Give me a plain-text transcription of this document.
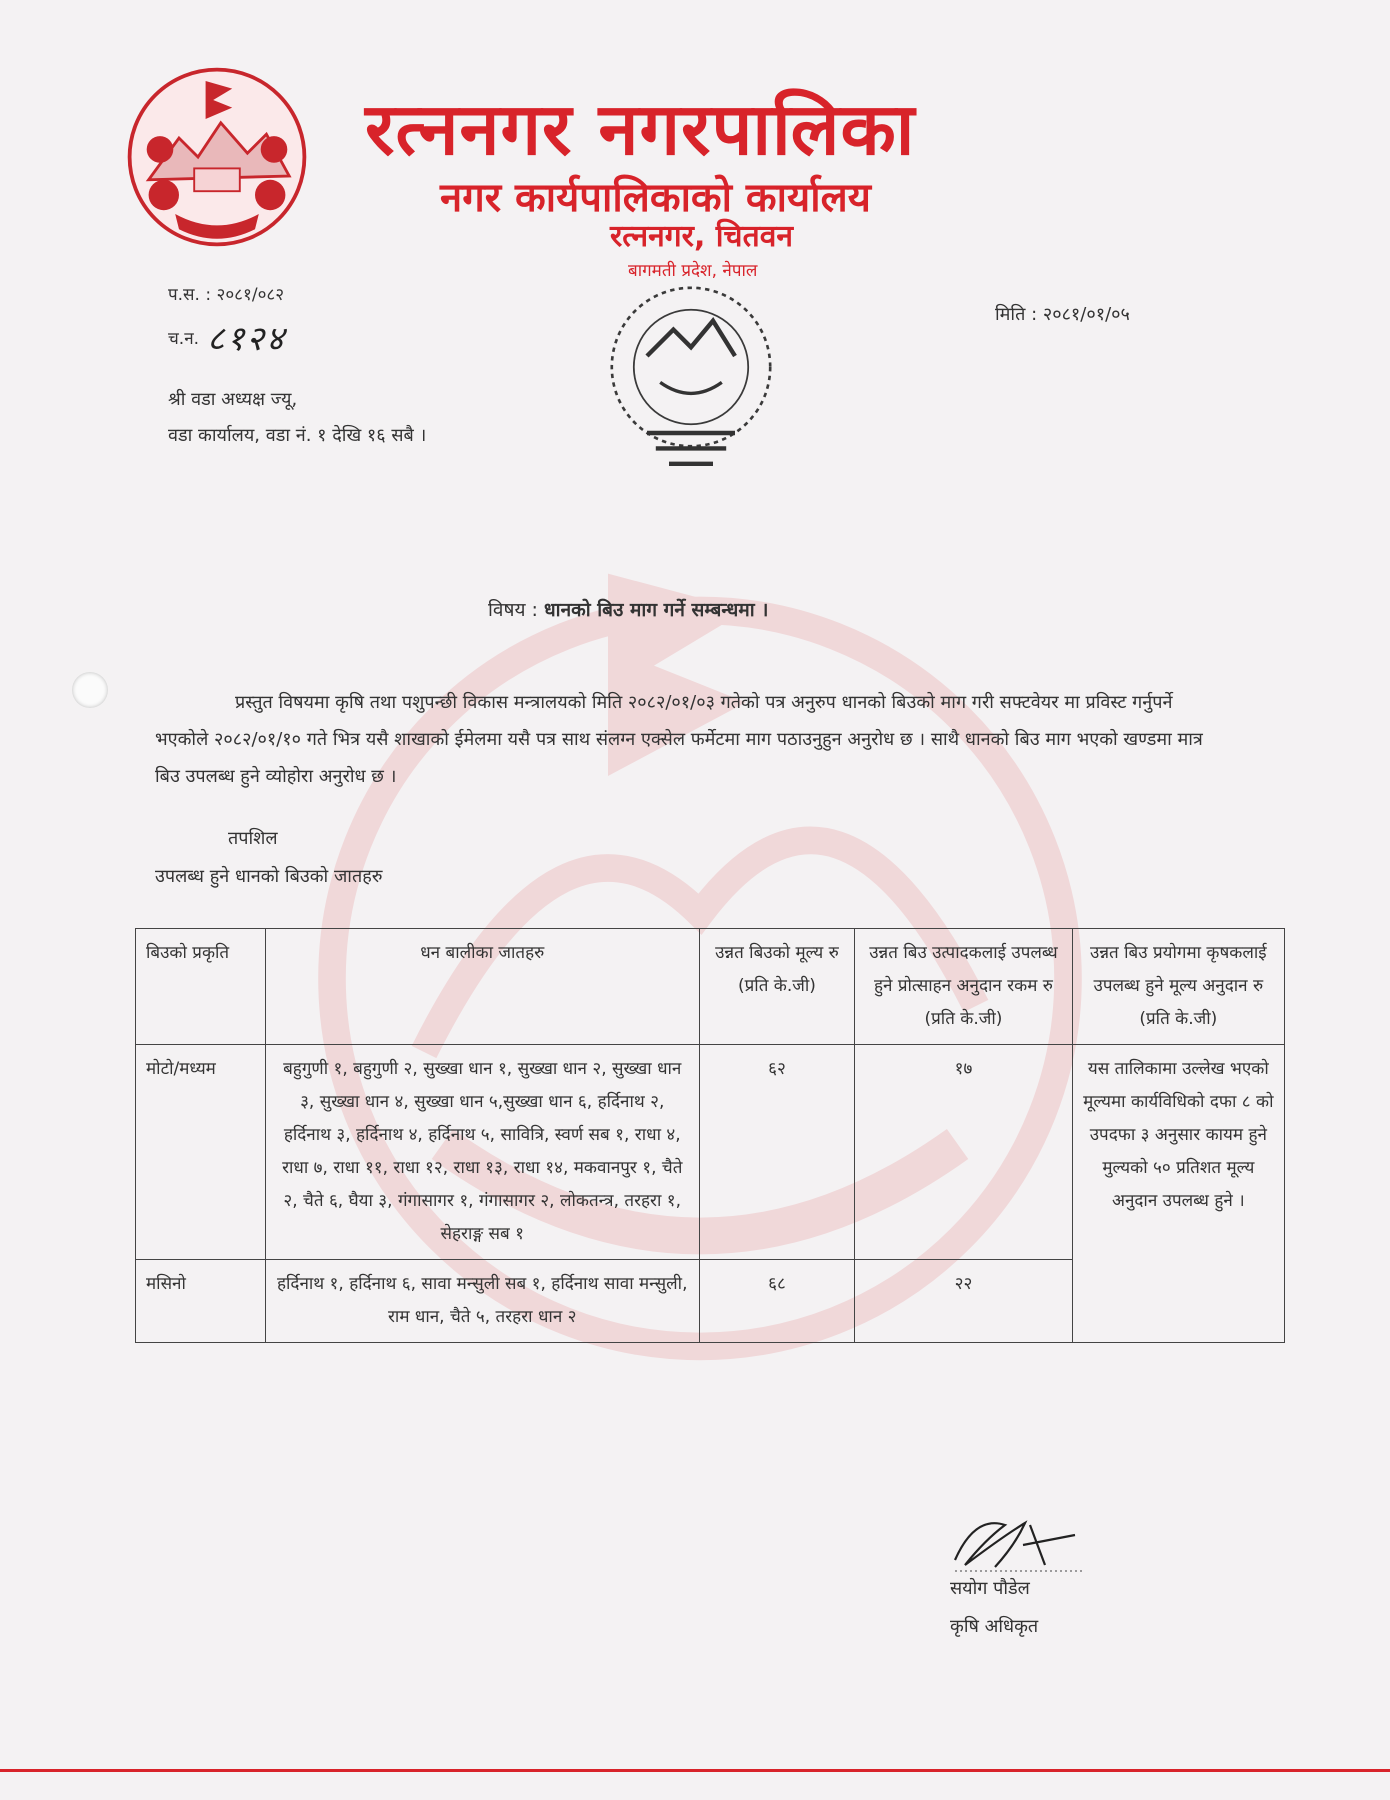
रत्ननगर नगरपालिका
नगर कार्यपालिकाको कार्यालय
रत्ननगर, चितवन
बागमती प्रदेश, नेपाल
प.स. : २०८१/०८२
च.न. ८१२४
मिति : २०८१/०१/०५
श्री वडा अध्यक्ष ज्यू,
वडा कार्यालय, वडा नं. १ देखि १६ सबै ।
विषय : धानको बिउ माग गर्ने सम्बन्धमा ।
प्रस्तुत विषयमा कृषि तथा पशुपन्छी विकास मन्त्रालयको मिति २०८२/०१/०३ गतेको पत्र अनुरुप धानको बिउको माग गरी सफ्टवेयर मा प्रविस्ट गर्नुपर्ने भएकोले २०८२/०१/१० गते भित्र यसै शाखाको ईमेलमा यसै पत्र साथ संलग्न एक्सेल फर्मेटमा माग पठाउनुहुन अनुरोध छ । साथै धानको बिउ माग भएको खण्डमा मात्र बिउ उपलब्ध हुने व्योहोरा अनुरोध छ ।
तपशिल
उपलब्ध हुने धानको बिउको जातहरु
बिउको प्रकृति	धन बालीका जातहरु	उन्नत बिउको मूल्य रु (प्रति के.जी)	उन्नत बिउ उत्पादकलाई उपलब्ध हुने प्रोत्साहन अनुदान रकम रु (प्रति के.जी)	उन्नत बिउ प्रयोगमा कृषकलाई उपलब्ध हुने मूल्य अनुदान रु (प्रति के.जी)
मोटो/मध्यम	बहुगुणी १, बहुगुणी २, सुख्खा धान १, सुख्खा धान २, सुख्खा धान ३, सुख्खा धान ४, सुख्खा धान ५,सुख्खा धान ६, हर्दिनाथ २, हर्दिनाथ ३, हर्दिनाथ ४, हर्दिनाथ ५, सावित्रि, स्वर्ण सब १, राधा ४, राधा ७, राधा ११, राधा १२, राधा १३, राधा १४, मकवानपुर १, चैते २, चैते ६, घैया ३, गंगासागर १, गंगासागर २, लोकतन्त्र, तरहरा १, सेहराङ्ग सब १	६२	१७	यस तालिकामा उल्लेख भएको मूल्यमा कार्यविधिको दफा ८ को उपदफा ३ अनुसार कायम हुने मुल्यको ५० प्रतिशत मूल्य अनुदान उपलब्ध हुने ।
मसिनो	हर्दिनाथ १, हर्दिनाथ ६, सावा मन्सुली सब १, हर्दिनाथ सावा मन्सुली, राम धान, चैते ५, तरहरा धान २	६८	२२	
सयोग पौडेल
कृषि अधिकृत
